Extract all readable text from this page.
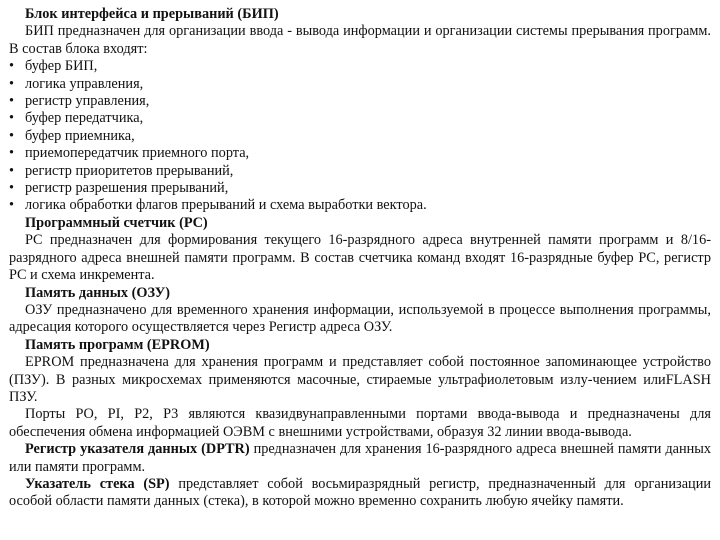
Блок интерфейса и прерываний (БИП)

БИП предназначен для организации ввода - вывода информации и организации системы прерывания программ. В состав блока входят:

• буфер БИП,
• логика управления,
• регистр управления,
• буфер передатчика,
• буфер приемника,
• приемопередатчик приемного порта,
• регистр приоритетов прерываний,
• регистр разрешения прерываний,
• логика обработки флагов прерываний и схема выработки вектора.

Программный счетчик (PC)

PC предназначен для формирования текущего 16-разрядного адреса внутренней памяти программ и 8/16-разрядного адреса внешней памяти программ. В состав счетчика команд входят 16-разрядные буфер PC, регистр PC и схема инкремента.

Память данных (ОЗУ)

ОЗУ предназначено для временного хранения информации, используемой в процессе выполнения программы, адресация которого осуществляется через Регистр адреса ОЗУ.

Память программ (EPROM)

EPROM предназначена для хранения программ и представляет собой постоянное запоминающее устройство (ПЗУ). В разных микросхемах применяются масочные, стираемые ультрафиолетовым излу-чением илиFLASH ПЗУ.

Порты PO, PI, P2, P3 являются квазидвунаправленными портами ввода-вывода и предназначены для обеспечения обмена информацией ОЭВМ с внешними устройствами, образуя 32 линии ввода-вывода.

Регистр указателя данных (DPTR) предназначен для хранения 16-разрядного адреса внешней памяти данных или памяти программ.

Указатель стека (SP) представляет собой восьмиразрядный регистр, предназначенный для организации особой области памяти данных (стека), в которой можно временно сохранить любую ячейку памяти.
